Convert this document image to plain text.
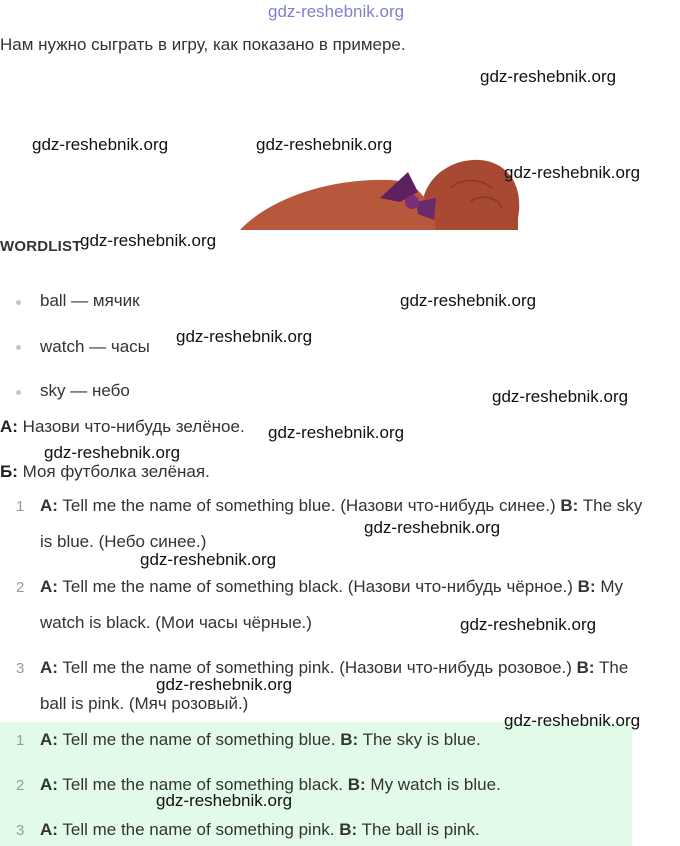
gdz-reshebnik.org
Нам нужно сыграть в игру, как показано в примере.
WORDLIST
ball — мячик
watch — часы
sky — небо
А: Назови что-нибудь зелёное.
Б: Моя футболка зелёная.
1 A: Tell me the name of something blue. (Назови что-нибудь синее.) B: The sky
is blue. (Небо синее.)
2 A: Tell me the name of something black. (Назови что-нибудь чёрное.) B: My
watch is black. (Мои часы чёрные.)
3 A: Tell me the name of something pink. (Назови что-нибудь розовое.) B: The
ball is pink. (Мяч розовый.)
1 A: Tell me the name of something blue. B: The sky is blue.
2 A: Tell me the name of something black. B: My watch is blue.
3 A: Tell me the name of something pink. B: The ball is pink.
gdz-reshebnik.org
gdz-reshebnik.org	gdz-reshebnik.org
gdz-reshebnik.org
gdz-reshebnik.org
gdz-reshebnik.org
gdz-reshebnik.org
gdz-reshebnik.org
gdz-reshebnik.org
gdz-reshebnik.org
gdz-reshebnik.org
gdz-reshebnik.org
gdz-reshebnik.org
gdz-reshebnik.org
gdz-reshebnik.org
gdz-reshebnik.org
